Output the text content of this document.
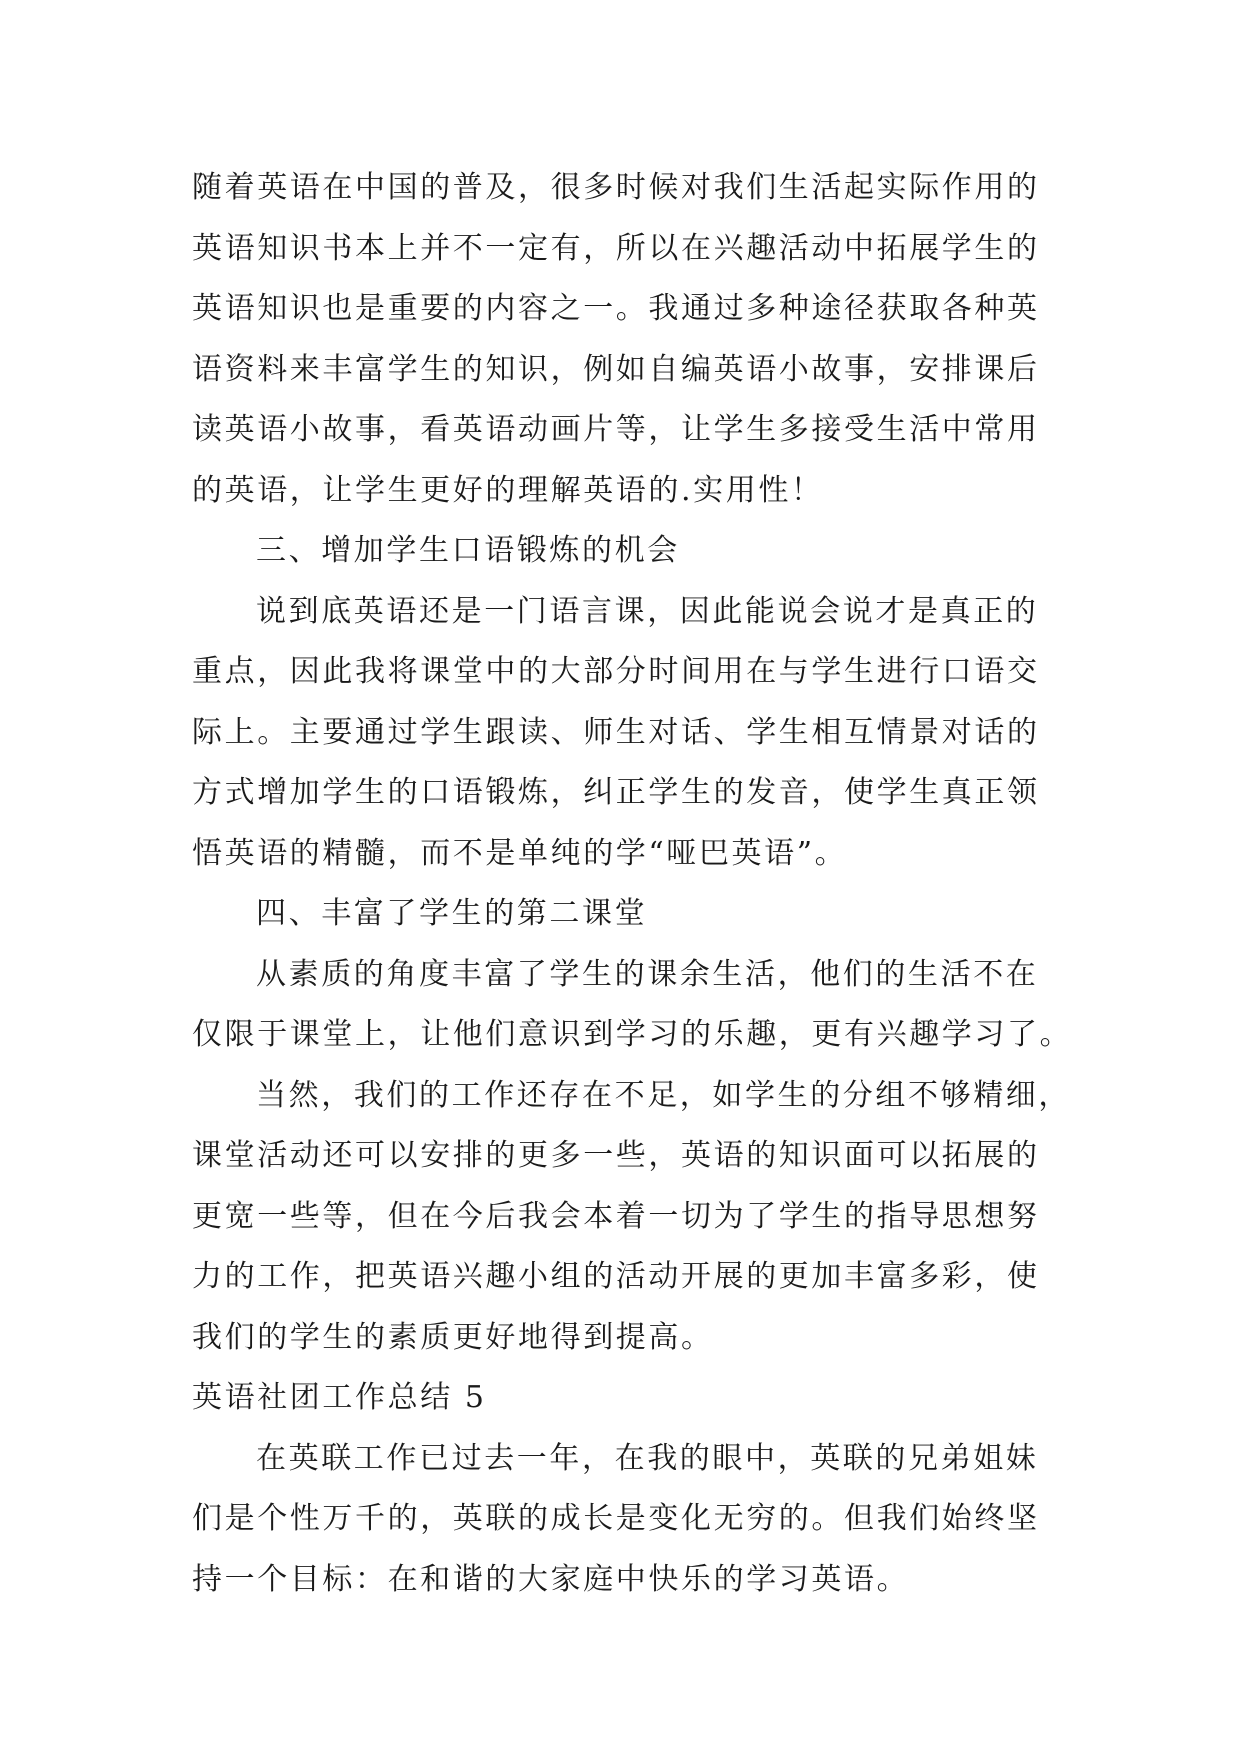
随着英语在中国的普及，很多时候对我们生活起实际作用的
英语知识书本上并不一定有，所以在兴趣活动中拓展学生的
英语知识也是重要的内容之一。我通过多种途径获取各种英
语资料来丰富学生的知识，例如自编英语小故事，安排课后
读英语小故事，看英语动画片等，让学生多接受生活中常用
的英语，让学生更好的理解英语的.实用性！
三、增加学生口语锻炼的机会
说到底英语还是一门语言课，因此能说会说才是真正的
重点，因此我将课堂中的大部分时间用在与学生进行口语交
际上。主要通过学生跟读、师生对话、学生相互情景对话的
方式增加学生的口语锻炼，纠正学生的发音，使学生真正领
悟英语的精髓，而不是单纯的学“哑巴英语”。
四、丰富了学生的第二课堂
从素质的角度丰富了学生的课余生活，他们的生活不在
仅限于课堂上，让他们意识到学习的乐趣，更有兴趣学习了。
当然，我们的工作还存在不足，如学生的分组不够精细，
课堂活动还可以安排的更多一些，英语的知识面可以拓展的
更宽一些等，但在今后我会本着一切为了学生的指导思想努
力的工作，把英语兴趣小组的活动开展的更加丰富多彩，使
我们的学生的素质更好地得到提高。
英语社团工作总结 5
在英联工作已过去一年，在我的眼中，英联的兄弟姐妹
们是个性万千的，英联的成长是变化无穷的。但我们始终坚
持一个目标：在和谐的大家庭中快乐的学习英语。
